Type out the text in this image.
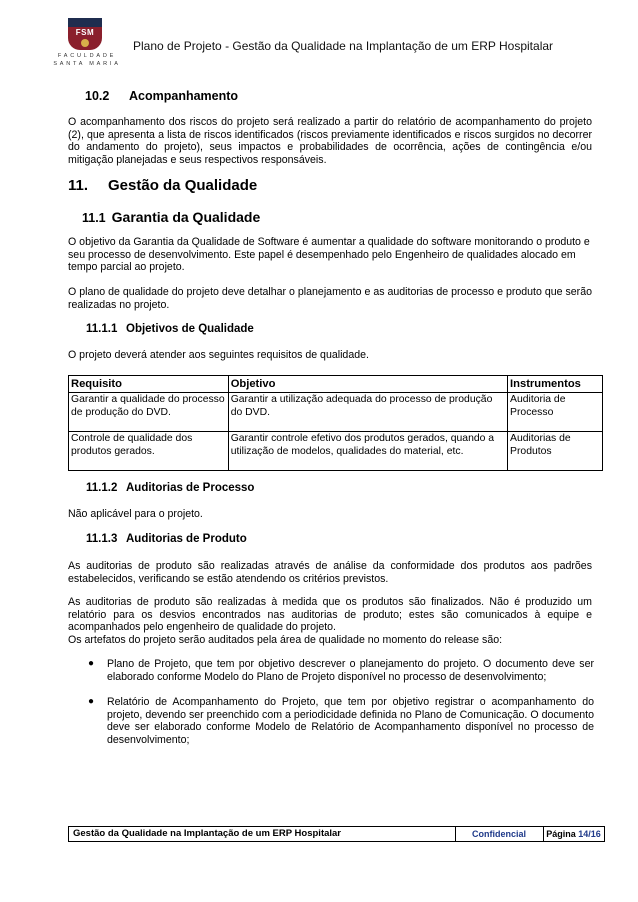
FSM
FACULDADE
SANTA MARIA
Plano de Projeto - Gestão da Qualidade na Implantação de um ERP Hospitalar
10.2 Acompanhamento
O acompanhamento dos riscos do projeto será realizado a partir do relatório de acompanhamento do projeto (2), que apresenta a lista de riscos identificados (riscos previamente identificados e riscos surgidos no decorrer do andamento do projeto), seus impactos e probabilidades de ocorrência, ações de contingência e/ou mitigação planejadas e seus respectivos responsáveis.
11. Gestão da Qualidade
11.1 Garantia da Qualidade
O objetivo da Garantia da Qualidade de Software é aumentar a qualidade do software monitorando o produto e seu processo de desenvolvimento. Este papel é desempenhado pelo Engenheiro de qualidades alocado em tempo parcial ao projeto.
O plano de qualidade do projeto deve detalhar o planejamento e as auditorias de processo e produto que serão realizadas no projeto.
11.1.1 Objetivos de Qualidade
O projeto deverá atender aos seguintes requisitos de qualidade.
Requisito	Objetivo	Instrumentos
Garantir a qualidade do processo de produção do DVD.	Garantir a utilização adequada do processo de produção do DVD.	Auditoria de Processo
Controle de qualidade dos produtos gerados.	Garantir controle efetivo dos produtos gerados, quando a utilização de modelos, qualidades do material, etc.	Auditorias de Produtos
11.1.2 Auditorias de Processo
Não aplicável para o projeto.
11.1.3 Auditorias de Produto
As auditorias de produto são realizadas através de análise da conformidade dos produtos aos padrões estabelecidos, verificando se estão atendendo os critérios previstos.
As auditorias de produto são realizadas à medida que os produtos são finalizados. Não é produzido um relatório para os desvios encontrados nas auditorias de produto; estes são comunicados à equipe e acompanhados pelo engenheiro de qualidade do projeto.
Os artefatos do projeto serão auditados pela área de qualidade no momento do release são:
● Plano de Projeto, que tem por objetivo descrever o planejamento do projeto. O documento deve ser elaborado conforme Modelo do Plano de Projeto disponível no processo de desenvolvimento;
● Relatório de Acompanhamento do Projeto, que tem por objetivo registrar o acompanhamento do projeto, devendo ser preenchido com a periodicidade definida no Plano de Comunicação. O documento deve ser elaborado conforme Modelo de Relatório de Acompanhamento disponível no processo de desenvolvimento;
Gestão da Qualidade na Implantação de um ERP Hospitalar	Confidencial	Página 14/16
